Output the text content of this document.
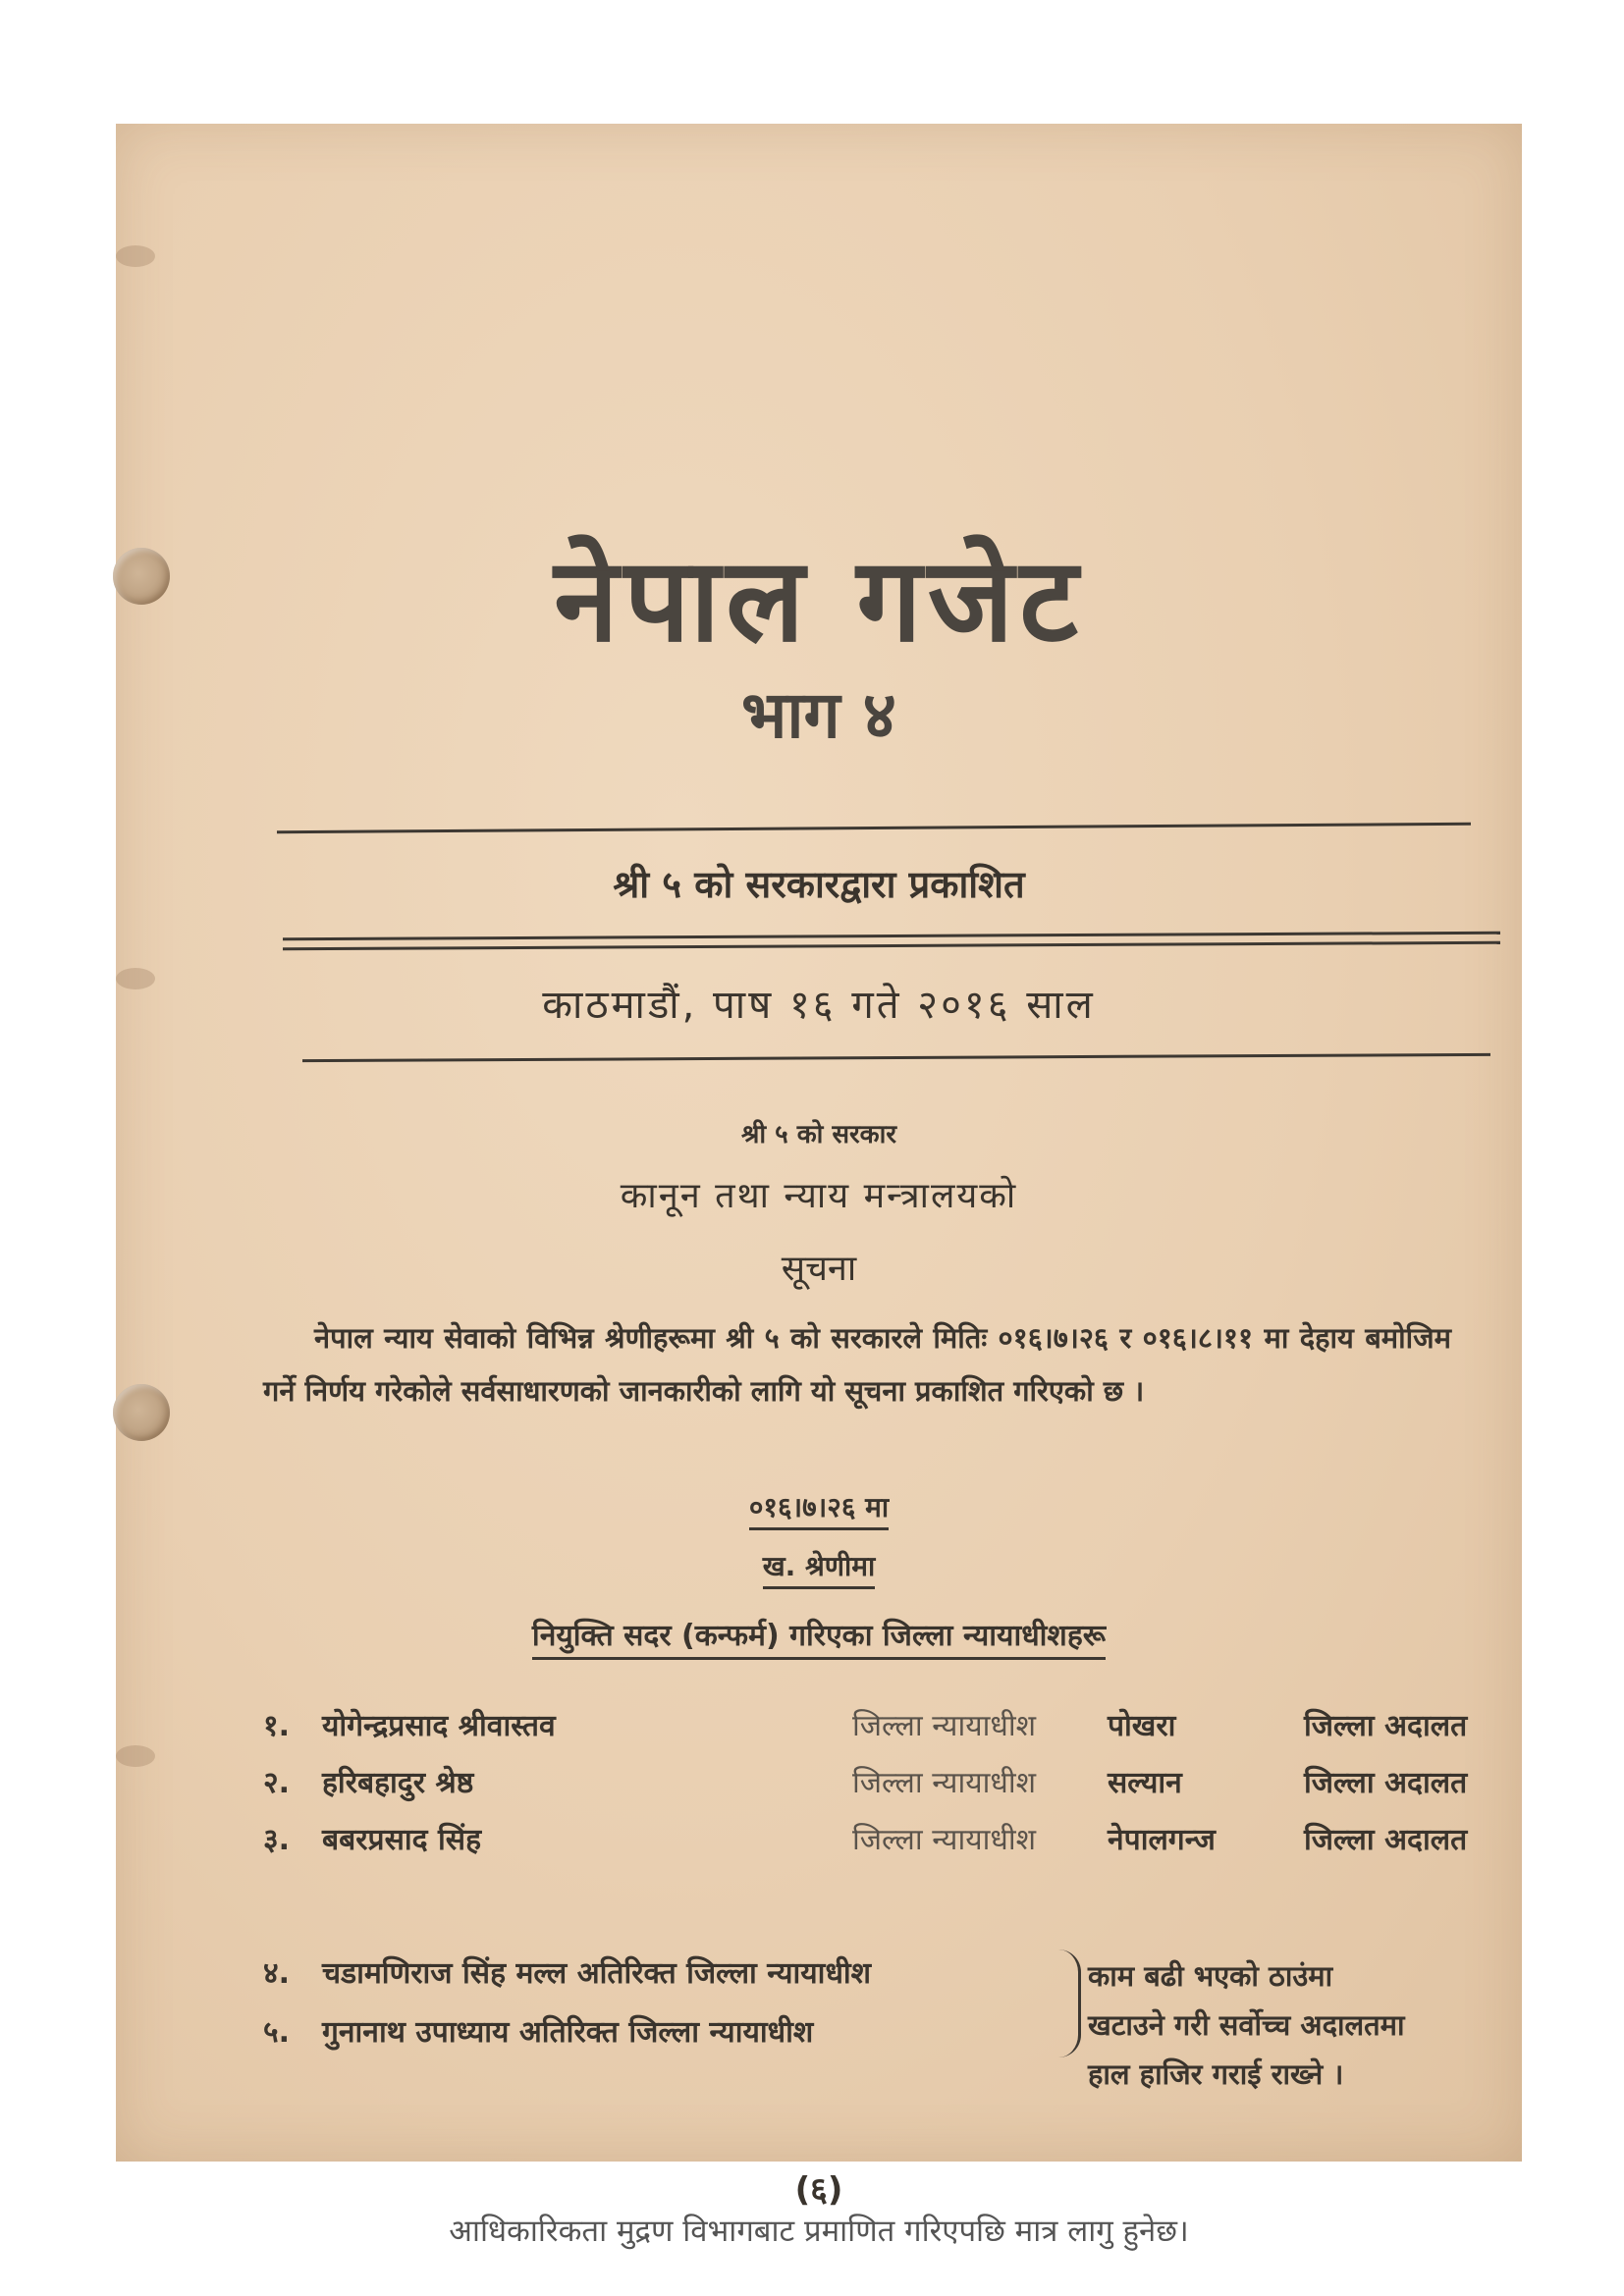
नेपाल गजेट
भाग ४
श्री ५ को सरकारद्वारा प्रकाशित
काठमाडौं, पाष १६ गते २०१६ साल
श्री ५ को सरकार
कानून तथा न्याय मन्त्रालयको
सूचना
नेपाल न्याय सेवाको विभिन्न श्रेणीहरूमा श्री ५ को सरकारले मितिः ०१६।७।२६ र ०१६।८।११ मा देहाय बमोजिम गर्ने निर्णय गरेकोले सर्वसाधारणको जानकारीको लागि यो सूचना प्रकाशित गरिएको छ ।
०१६।७।२६ मा
ख. श्रेणीमा
नियुक्ति सदर (कन्फर्म) गरिएका जिल्ला न्यायाधीशहरू
१.	योगेन्द्रप्रसाद श्रीवास्तव	जिल्ला न्यायाधीश पोखरा	जिल्ला अदालत
२.	हरिबहादुर श्रेष्ठ	जिल्ला न्यायाधीश सल्यान	जिल्ला अदालत
३.	बबरप्रसाद सिंह	जिल्ला न्यायाधीश नेपालगन्ज	जिल्ला अदालत
४.	चडामणिराज सिंह मल्ल अतिरिक्त जिल्ला न्यायाधीश
५.	गुनानाथ उपाध्याय अतिरिक्त जिल्ला न्यायाधीश
काम बढी भएको ठाउंमा खटाउने गरी सर्वोच्च अदालतमा हाल हाजिर गराई राख्ने ।
(६)
आधिकारिकता मुद्रण विभागबाट प्रमाणित गरिएपछि मात्र लागु हुनेछ।
